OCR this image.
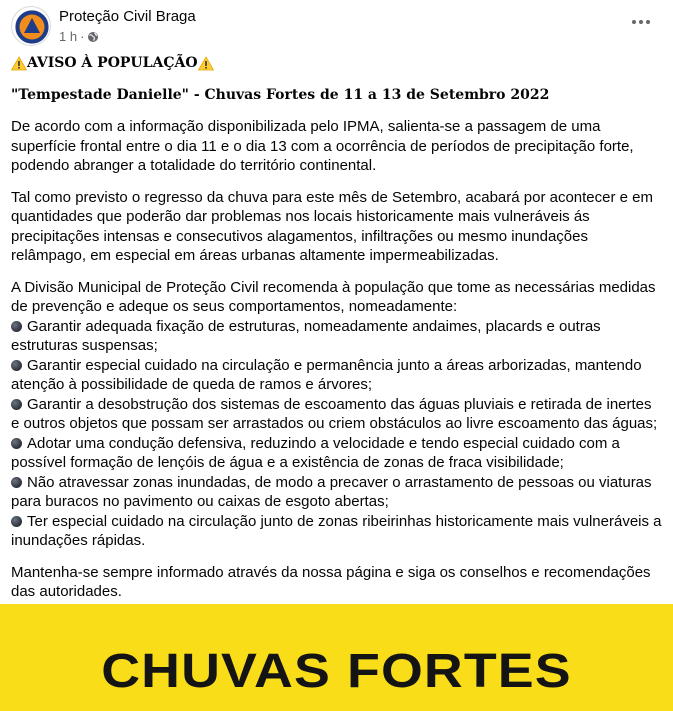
Proteção Civil Braga
1 h ·

AVISO À POPULAÇÃO

"Tempestade Danielle" - Chuvas Fortes de 11 a 13 de Setembro 2022

De acordo com a informação disponibilizada pelo IPMA, salienta-se a passagem de uma superfície frontal entre o dia 11 e o dia 13 com a ocorrência de períodos de precipitação forte, podendo abranger a totalidade do território continental.

Tal como previsto o regresso da chuva para este mês de Setembro, acabará por acontecer e em quantidades que poderão dar problemas nos locais historicamente mais vulneráveis ás precipitações intensas e consecutivos alagamentos, infiltrações ou mesmo inundações relâmpago, em especial em áreas urbanas altamente impermeabilizadas.

A Divisão Municipal de Proteção Civil recomenda à população que tome as necessárias medidas de prevenção e adeque os seus comportamentos, nomeadamente:
Garantir adequada fixação de estruturas, nomeadamente andaimes, placards e outras estruturas suspensas;
Garantir especial cuidado na circulação e permanência junto a áreas arborizadas, mantendo atenção à possibilidade de queda de ramos e árvores;
Garantir a desobstrução dos sistemas de escoamento das águas pluviais e retirada de inertes e outros objetos que possam ser arrastados ou criem obstáculos ao livre escoamento das águas;
Adotar uma condução defensiva, reduzindo a velocidade e tendo especial cuidado com a possível formação de lençóis de água e a existência de zonas de fraca visibilidade;
Não atravessar zonas inundadas, de modo a precaver o arrastamento de pessoas ou viaturas para buracos no pavimento ou caixas de esgoto abertas;
Ter especial cuidado na circulação junto de zonas ribeirinhas historicamente mais vulneráveis a inundações rápidas.

Mantenha-se sempre informado através da nossa página e siga os conselhos e recomendações das autoridades.

CHUVAS FORTES
